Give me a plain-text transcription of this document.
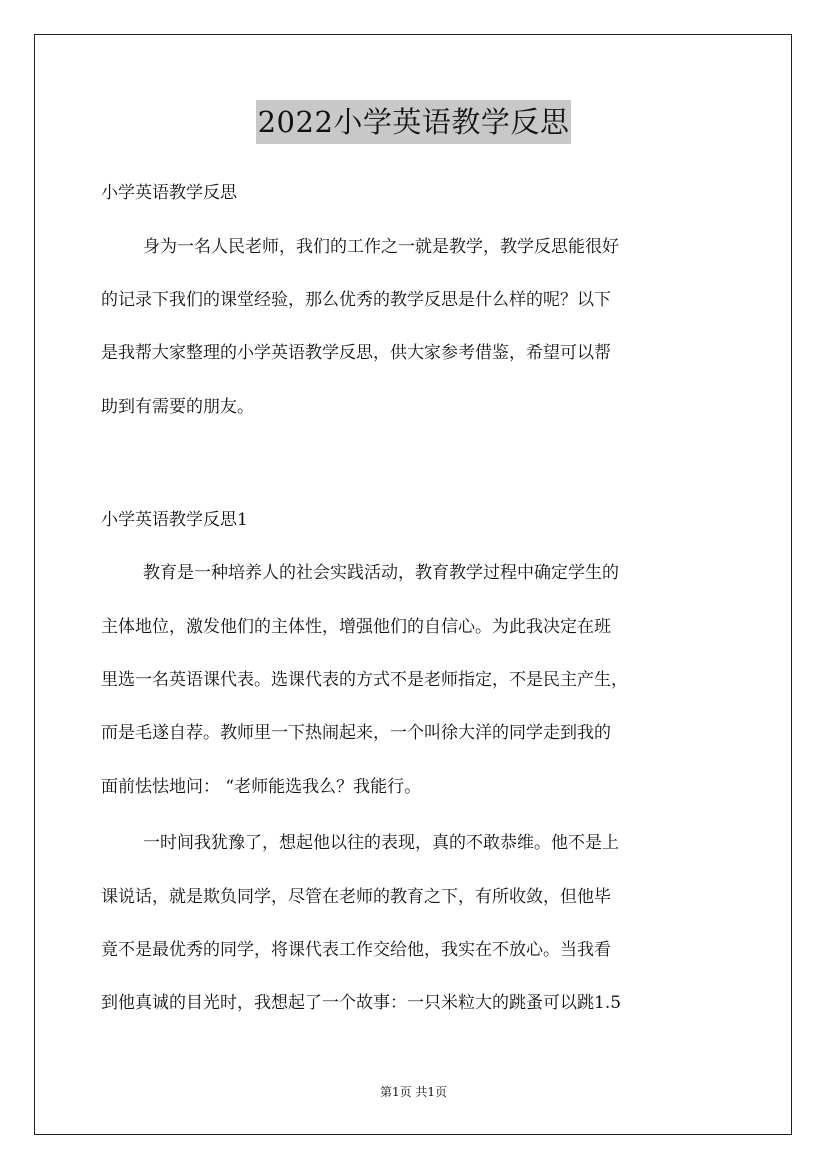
2022小学英语教学反思
小学英语教学反思
身为一名人民老师，我们的工作之一就是教学，教学反思能很好
的记录下我们的课堂经验，那么优秀的教学反思是什么样的呢？以下
是我帮大家整理的小学英语教学反思，供大家参考借鉴，希望可以帮
助到有需要的朋友。
小学英语教学反思1
教育是一种培养人的社会实践活动，教育教学过程中确定学生的
主体地位，激发他们的主体性，增强他们的自信心。为此我决定在班
里选一名英语课代表。选课代表的方式不是老师指定，不是民主产生，
而是毛遂自荐。教师里一下热闹起来，一个叫徐大洋的同学走到我的
面前怯怯地问： “老师能选我么？我能行。
一时间我犹豫了，想起他以往的表现，真的不敢恭维。他不是上
课说话，就是欺负同学，尽管在老师的教育之下，有所收敛，但他毕
竟不是最优秀的同学，将课代表工作交给他，我实在不放心。当我看
到他真诚的目光时，我想起了一个故事：一只米粒大的跳蚤可以跳1.5
第1页 共1页
